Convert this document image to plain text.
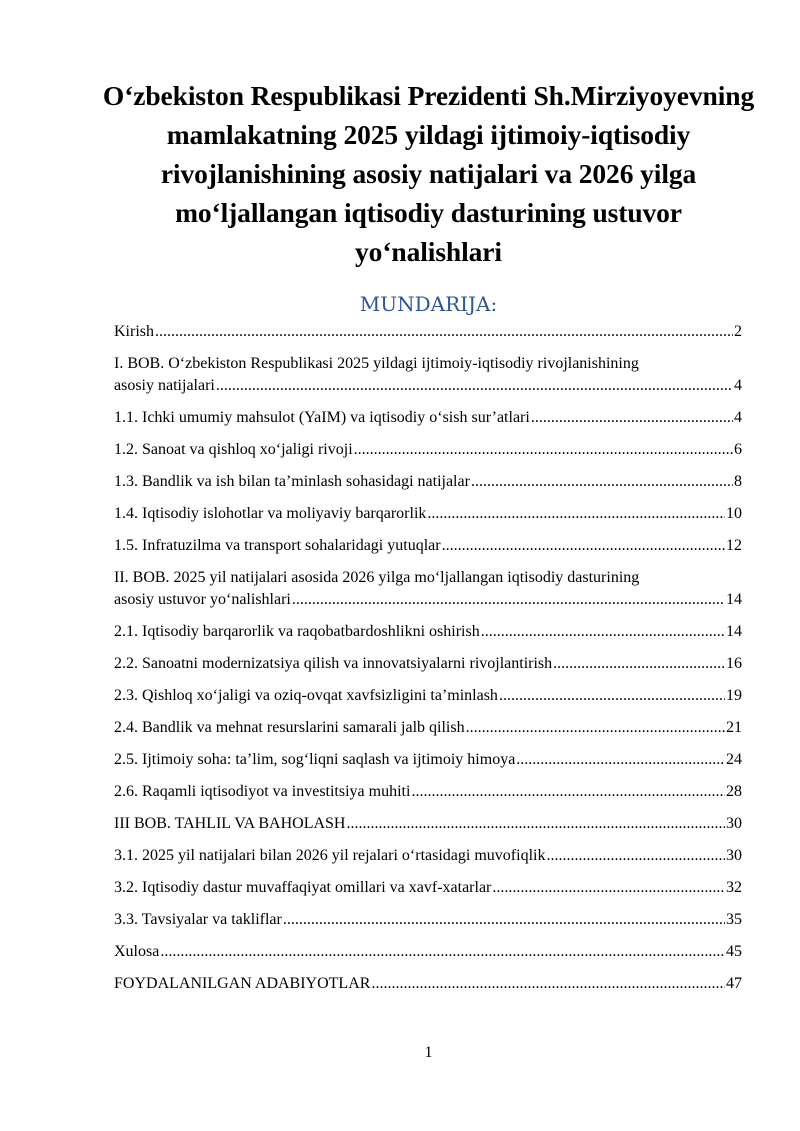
O‘zbekiston Respublikasi Prezidenti Sh.Mirziyoyevning mamlakatning 2025 yildagi ijtimoiy-iqtisodiy rivojlanishining asosiy natijalari va 2026 yilga mo‘ljallangan iqtisodiy dasturining ustuvor yo‘nalishlari
MUNDARIJA:
Kirish .....	2
I. BOB. O‘zbekiston Respublikasi 2025 yildagi ijtimoiy-iqtisodiy rivojlanishining
asosiy natijalari .....	4
1.1. Ichki umumiy mahsulot (YaIM) va iqtisodiy o‘sish sur’atlari .....	4
1.2. Sanoat va qishloq xo‘jaligi rivoji .....	6
1.3. Bandlik va ish bilan ta’minlash sohasidagi natijalar .....	8
1.4. Iqtisodiy islohotlar va moliyaviy barqarorlik .....	10
1.5. Infratuzilma va transport sohalaridagi yutuqlar .....	12
II. BOB. 2025 yil natijalari asosida 2026 yilga mo‘ljallangan iqtisodiy dasturining
asosiy ustuvor yo‘nalishlari .....	14
2.1. Iqtisodiy barqarorlik va raqobatbardoshlikni oshirish .....	14
2.2. Sanoatni modernizatsiya qilish va innovatsiyalarni rivojlantirish .....	16
2.3. Qishloq xo‘jaligi va oziq-ovqat xavfsizligini ta’minlash .....	19
2.4. Bandlik va mehnat resurslarini samarali jalb qilish .....	21
2.5. Ijtimoiy soha: ta’lim, sog‘liqni saqlash va ijtimoiy himoya .....	24
2.6. Raqamli iqtisodiyot va investitsiya muhiti .....	28
III BOB. TAHLIL VA BAHOLASH .....	30
3.1. 2025 yil natijalari bilan 2026 yil rejalari o‘rtasidagi muvofiqlik .....	30
3.2. Iqtisodiy dastur muvaffaqiyat omillari va xavf-xatarlar .....	32
3.3. Tavsiyalar va takliflar .....	35
Xulosa .....	45
FOYDALANILGAN ADABIYOTLAR .....	47
1
